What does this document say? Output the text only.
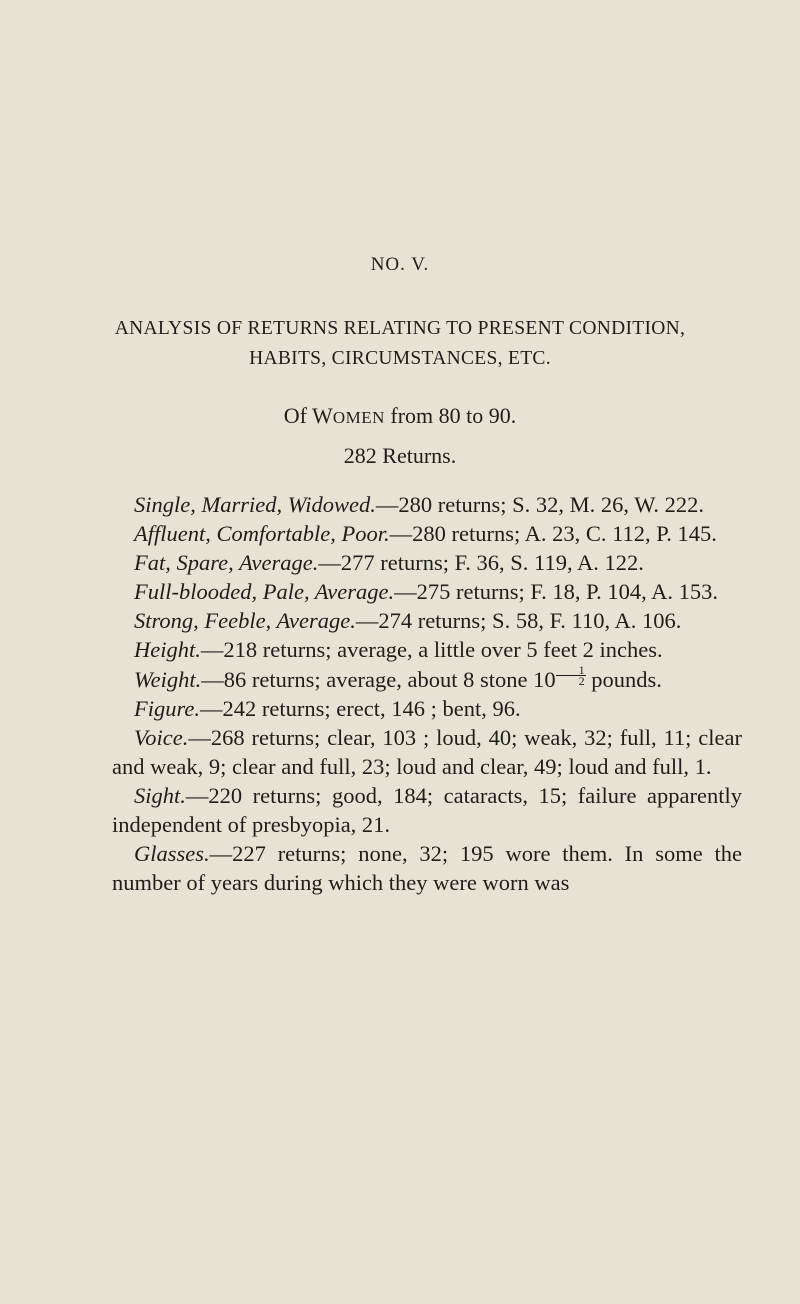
NO. V.
ANALYSIS OF RETURNS RELATING TO PRESENT CONDITION,
HABITS, CIRCUMSTANCES, ETC.
Of WOMEN from 80 to 90.
282 Returns.

Single, Married, Widowed.—280 returns; S. 32, M. 26, W. 222.

Affluent, Comfortable, Poor.—280 returns; A. 23, C. 112, P. 145.

Fat, Spare, Average.—277 returns; F. 36, S. 119, A. 122.

Full-blooded, Pale, Average.—275 returns; F. 18, P. 104, A. 153.

Strong, Feeble, Average.—274 returns; S. 58, F. 110, A. 106.

Height.—218 returns; average, a little over 5 feet 2 inches.

Weight.—86 returns; average, about 8 stone $10 \frac{1}{2}$ pounds.

Figure.—242 returns; erect, 146 ; bent, 96.

Voice.—268 returns; clear, 103 ; loud, 40; weak, 32; full, 11; clear and weak, 9; clear and full, 23; loud and clear, 49; loud and full, 1.

Sight.—220 returns; good, 184; cataracts, 15; failure apparently independent of presbyopia, 21.

Glasses.—227 returns; none, 32; 195 wore them. In some the number of years during which they were worn was
